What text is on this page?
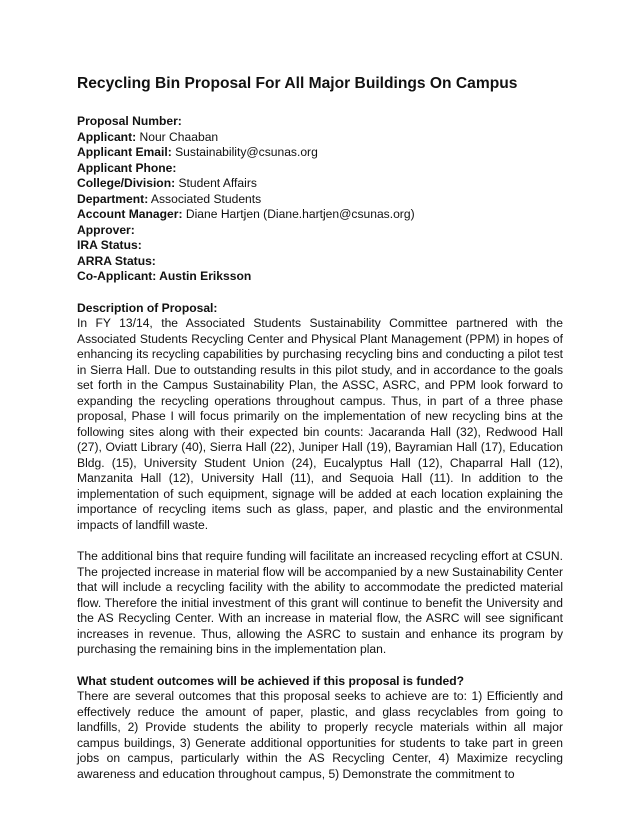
Recycling Bin Proposal For All Major Buildings On Campus
Proposal Number:
Applicant: Nour Chaaban
Applicant Email: Sustainability@csunas.org
Applicant Phone:
College/Division: Student Affairs
Department: Associated Students
Account Manager: Diane Hartjen (Diane.hartjen@csunas.org)
Approver:
IRA Status:
ARRA Status:
Co-Applicant: Austin Eriksson
Description of Proposal:

In FY 13/14, the Associated Students Sustainability Committee partnered with the Associated Students Recycling Center and Physical Plant Management (PPM) in hopes of enhancing its recycling capabilities by purchasing recycling bins and conducting a pilot test in Sierra Hall. Due to outstanding results in this pilot study, and in accordance to the goals set forth in the Campus Sustainability Plan, the ASSC, ASRC, and PPM look forward to expanding the recycling operations throughout campus. Thus, in part of a three phase proposal, Phase I will focus primarily on the implementation of new recycling bins at the following sites along with their expected bin counts: Jacaranda Hall (32), Redwood Hall (27), Oviatt Library (40), Sierra Hall (22), Juniper Hall (19), Bayramian Hall (17), Education Bldg. (15), University Student Union (24), Eucalyptus Hall (12), Chaparral Hall (12), Manzanita Hall (12), University Hall (11), and Sequoia Hall (11). In addition to the implementation of such equipment, signage will be added at each location explaining the importance of recycling items such as glass, paper, and plastic and the environmental impacts of landfill waste.

The additional bins that require funding will facilitate an increased recycling effort at CSUN. The projected increase in material flow will be accompanied by a new Sustainability Center that will include a recycling facility with the ability to accommodate the predicted material flow. Therefore the initial investment of this grant will continue to benefit the University and the AS Recycling Center. With an increase in material flow, the ASRC will see significant increases in revenue. Thus, allowing the ASRC to sustain and enhance its program by purchasing the remaining bins in the implementation plan.

What student outcomes will be achieved if this proposal is funded?

There are several outcomes that this proposal seeks to achieve are to: 1) Efficiently and effectively reduce the amount of paper, plastic, and glass recyclables from going to landfills, 2) Provide students the ability to properly recycle materials within all major campus buildings, 3) Generate additional opportunities for students to take part in green jobs on campus, particularly within the AS Recycling Center, 4) Maximize recycling awareness and education throughout campus, 5) Demonstrate the commitment to
